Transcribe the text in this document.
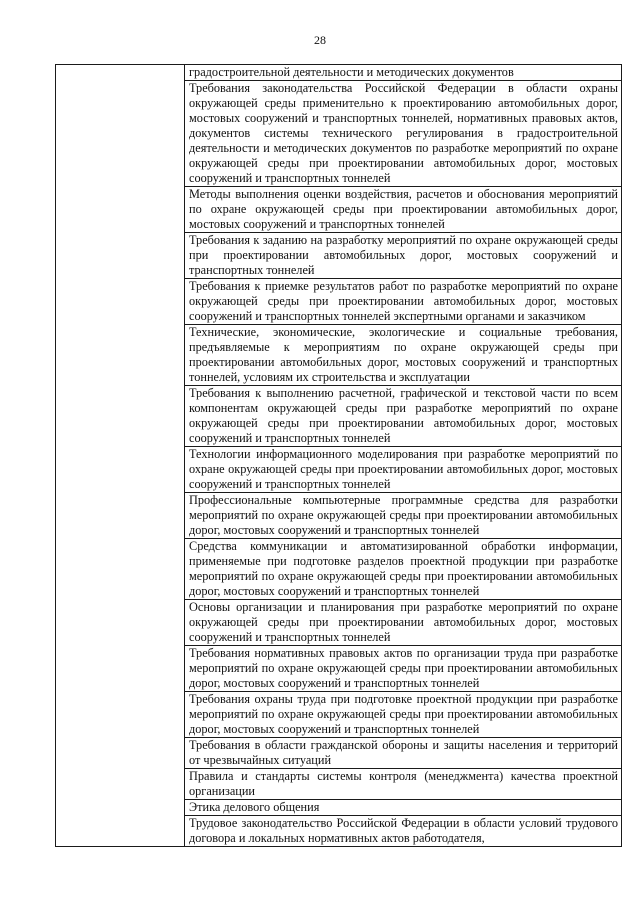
28
	градостроительной деятельности и методических документов
Требования законодательства Российской Федерации в области охраны окружающей среды применительно к проектированию автомобильных дорог, мостовых сооружений и транспортных тоннелей, нормативных правовых актов, документов системы технического регулирования в градостроительной деятельности и методических документов по разработке мероприятий по охране окружающей среды при проектировании автомобильных дорог, мостовых сооружений и транспортных тоннелей
Методы выполнения оценки воздействия, расчетов и обоснования мероприятий по охране окружающей среды при проектировании автомобильных дорог, мостовых сооружений и транспортных тоннелей
Требования к заданию на разработку мероприятий по охране окружающей среды при проектировании автомобильных дорог, мостовых сооружений и транспортных тоннелей
Требования к приемке результатов работ по разработке мероприятий по охране окружающей среды при проектировании автомобильных дорог, мостовых сооружений и транспортных тоннелей экспертными органами и заказчиком
Технические, экономические, экологические и социальные требования, предъявляемые к мероприятиям по охране окружающей среды при проектировании автомобильных дорог, мостовых сооружений и транспортных тоннелей, условиям их строительства и эксплуатации
Требования к выполнению расчетной, графической и текстовой части по всем компонентам окружающей среды при разработке мероприятий по охране окружающей среды при проектировании автомобильных дорог, мостовых сооружений и транспортных тоннелей
Технологии информационного моделирования при разработке мероприятий по охране окружающей среды при проектировании автомобильных дорог, мостовых сооружений и транспортных тоннелей
Профессиональные компьютерные программные средства для разработки мероприятий по охране окружающей среды при проектировании автомобильных дорог, мостовых сооружений и транспортных тоннелей
Средства коммуникации и автоматизированной обработки информации, применяемые при подготовке разделов проектной продукции при разработке мероприятий по охране окружающей среды при проектировании автомобильных дорог, мостовых сооружений и транспортных тоннелей
Основы организации и планирования при разработке мероприятий по охране окружающей среды при проектировании автомобильных дорог, мостовых сооружений и транспортных тоннелей
Требования нормативных правовых актов по организации труда при разработке мероприятий по охране окружающей среды при проектировании автомобильных дорог, мостовых сооружений и транспортных тоннелей
Требования охраны труда при подготовке проектной продукции при разработке мероприятий по охране окружающей среды при проектировании автомобильных дорог, мостовых сооружений и транспортных тоннелей
Требования в области гражданской обороны и защиты населения и территорий от чрезвычайных ситуаций
Правила и стандарты системы контроля (менеджмента) качества проектной организации
Этика делового общения
Трудовое законодательство Российской Федерации в области условий трудового договора и локальных нормативных актов работодателя,
